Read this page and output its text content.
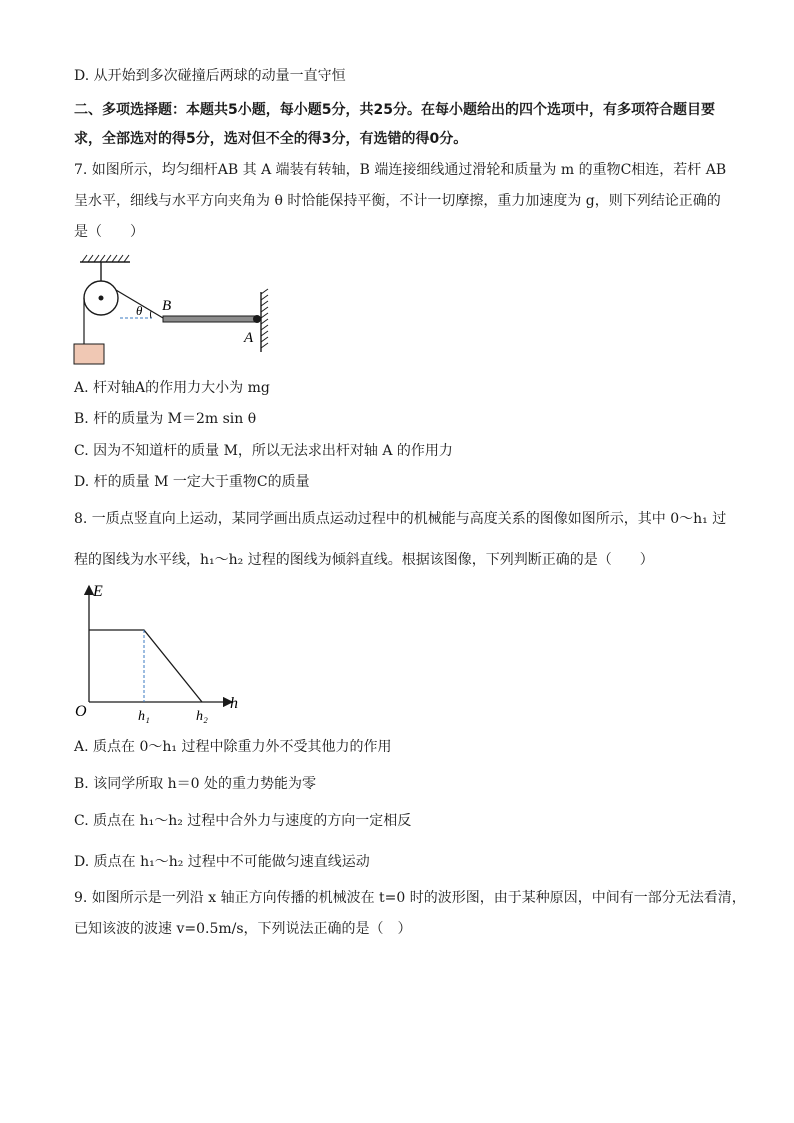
D. 从开始到多次碰撞后两球的动量一直守恒
二、多项选择题：本题共5小题，每小题5分，共25分。在每小题给出的四个选项中，有多项符合题目要
求，全部选对的得5分，选对但不全的得3分，有选错的得0分。
7. 如图所示，均匀细杆AB 其 A 端装有转轴，B 端连接细线通过滑轮和质量为 m 的重物C相连，若杆 AB
呈水平，细线与水平方向夹角为 θ 时恰能保持平衡，不计一切摩擦，重力加速度为 g，则下列结论正确的
是（　　）
θ B
A
A. 杆对轴A的作用力大小为 mg
B. 杆的质量为 M＝2m sin θ
C. 因为不知道杆的质量 M，所以无法求出杆对轴 A 的作用力
D. 杆的质量 M 一定大于重物C的质量
8. 一质点竖直向上运动，某同学画出质点运动过程中的机械能与高度关系的图像如图所示，其中 0～h₁ 过
程的图线为水平线，h₁～h₂ 过程的图线为倾斜直线。根据该图像，下列判断正确的是（　　）
E
O	h
h₁	h₂
A. 质点在 0～h₁ 过程中除重力外不受其他力的作用
B. 该同学所取 h＝0 处的重力势能为零
C. 质点在 h₁～h₂ 过程中合外力与速度的方向一定相反
D. 质点在 h₁～h₂ 过程中不可能做匀速直线运动
9. 如图所示是一列沿 x 轴正方向传播的机械波在 t=0 时的波形图，由于某种原因，中间有一部分无法看清，
已知该波的波速 v=0.5m/s，下列说法正确的是（　）
